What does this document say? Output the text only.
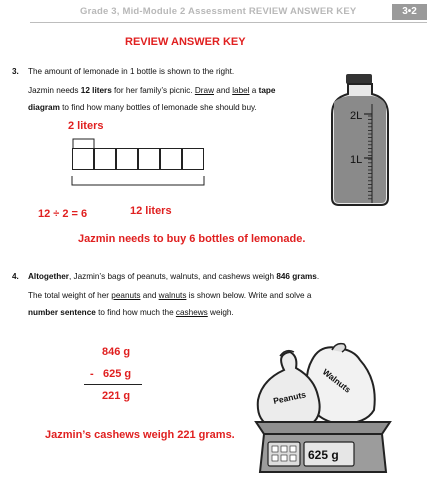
Grade 3, Mid-Module 2 Assessment REVIEW ANSWER KEY	3•2
REVIEW ANSWER KEY
3. The amount of lemonade in 1 bottle is shown to the right.
Jazmin needs 12 liters for her family’s picnic. Draw and label a tape
diagram to find how many bottles of lemonade she should buy.
2 liters
12 liters
12 ÷ 2 = 6
Jazmin needs to buy 6 bottles of lemonade.
2L
1L
4. Altogether, Jazmin’s bags of peanuts, walnuts, and cashews weigh 846 grams.
The total weight of her peanuts and walnuts is shown below. Write and solve a
number sentence to find how much the cashews weigh.
846 g
- 625 g
221 g
Jazmin’s cashews weigh 221 grams.
Walnuts
Peanuts
625 g
